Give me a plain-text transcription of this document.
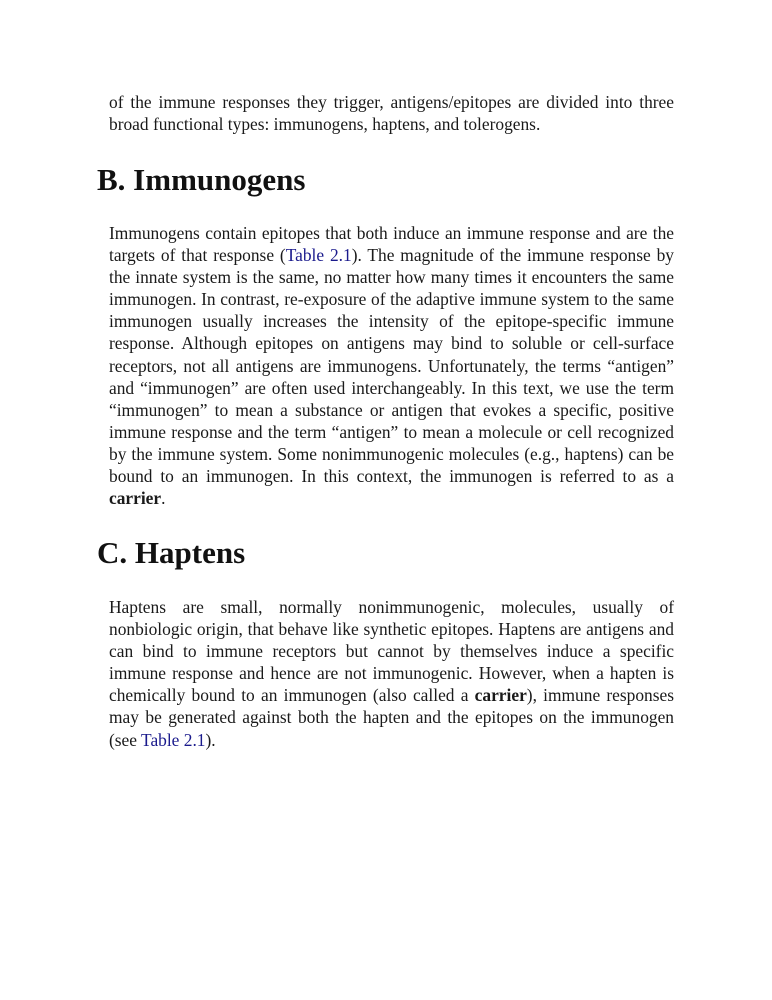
of the immune responses they trigger, antigens/epitopes are divided into three broad functional types: immunogens, haptens, and tolerogens.

B. Immunogens

Immunogens contain epitopes that both induce an immune response and are the targets of that response (Table 2.1). The magnitude of the immune response by the innate system is the same, no matter how many times it encounters the same immunogen. In contrast, re-exposure of the adaptive immune system to the same immunogen usually increases the intensity of the epitope-specific immune response. Although epitopes on antigens may bind to soluble or cell-surface receptors, not all antigens are immunogens. Unfortunately, the terms “antigen” and “immunogen” are often used interchangeably. In this text, we use the term “immunogen” to mean a substance or antigen that evokes a specific, positive immune response and the term “antigen” to mean a molecule or cell recognized by the immune system. Some nonimmunogenic molecules (e.g., haptens) can be bound to an immunogen. In this context, the immunogen is referred to as a carrier.

C. Haptens

Haptens are small, normally nonimmunogenic, molecules, usually of nonbiologic origin, that behave like synthetic epitopes. Haptens are antigens and can bind to immune receptors but cannot by themselves induce a specific immune response and hence are not immunogenic. However, when a hapten is chemically bound to an immunogen (also called a carrier), immune responses may be generated against both the hapten and the epitopes on the immunogen (see Table 2.1).
